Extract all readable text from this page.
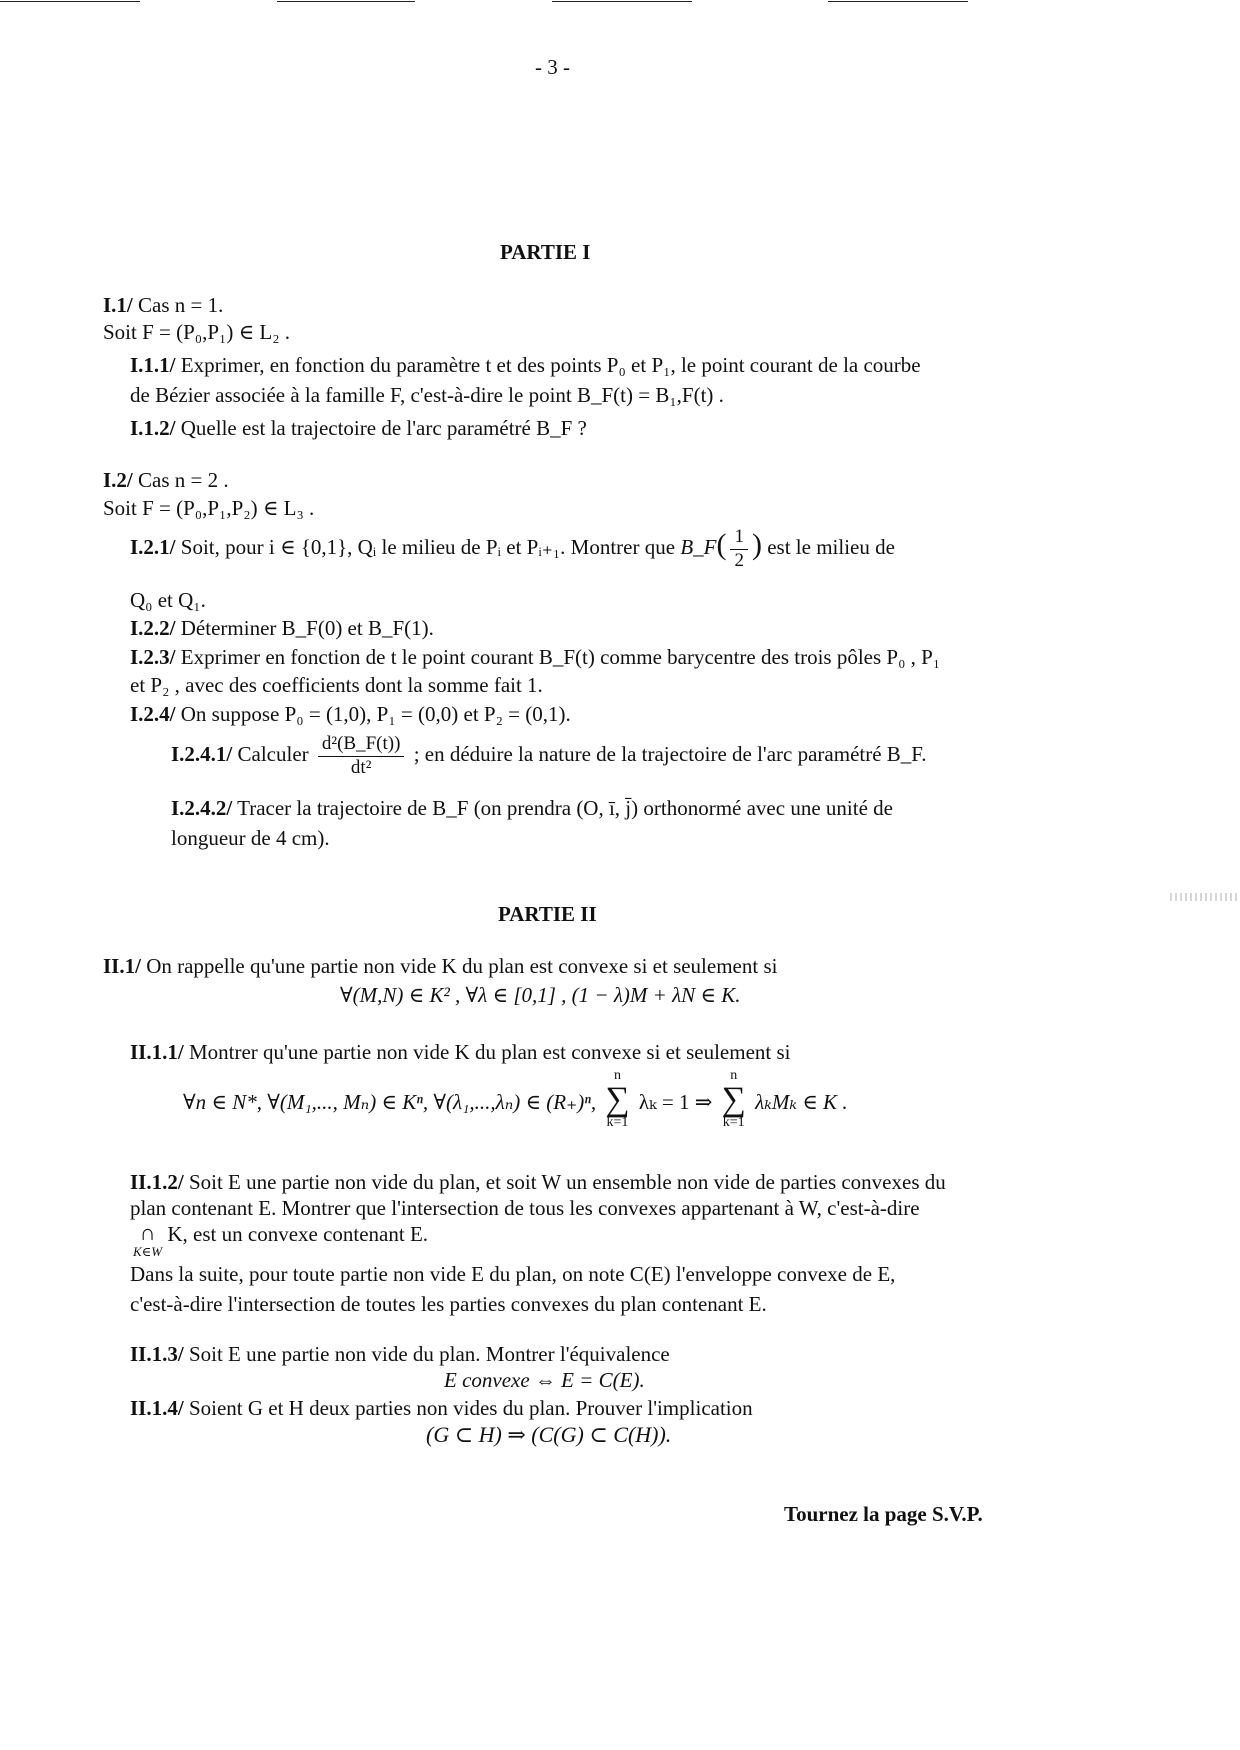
- 3 -
PARTIE I
I.1/ Cas n = 1.
Soit F = (P₀,P₁) ∈ L₂ .
I.1.1/ Exprimer, en fonction du paramètre t et des points P₀ et P₁, le point courant de la courbe
de Bézier associée à la famille F, c'est-à-dire le point B_F(t) = B₁,F(t) .
I.1.2/ Quelle est la trajectoire de l'arc paramétré B_F ?
I.2/ Cas n = 2 .
Soit F = (P₀,P₁,P₂) ∈ L₃ .
I.2.1/ Soit, pour i ∈ {0,1}, Qᵢ le milieu de Pᵢ et Pᵢ₊₁. Montrer que B_F( $\frac{1}{2}$ ) est le milieu de
Q₀ et Q₁.
I.2.2/ Déterminer B_F(0) et B_F(1).
I.2.3/ Exprimer en fonction de t le point courant B_F(t) comme barycentre des trois pôles P₀ , P₁
et P₂ , avec des coefficients dont la somme fait 1.
I.2.4/ On suppose P₀ = (1,0), P₁ = (0,0) et P₂ = (0,1).
I.2.4.1/ Calculer $\frac{\text{d²(B\_F(t))}}{\text{dt²}}$ ; en déduire la nature de la trajectoire de l'arc paramétré B_F.
I.2.4.2/ Tracer la trajectoire de B_F (on prendra (O, ī, j̄) orthonormé avec une unité de
longueur de 4 cm).
PARTIE II
II.1/ On rappelle qu'une partie non vide K du plan est convexe si et seulement si
∀(M,N) ∈ K² , ∀λ ∈ [0,1] , (1 − λ)M + λN ∈ K.
II.1.1/ Montrer qu'une partie non vide K du plan est convexe si et seulement si
∀n ∈ N*, ∀(M₁,..., Mₙ) ∈ Kⁿ, ∀(λ₁,...,λₙ) ∈ (R₊)ⁿ,
n
∑
k=1
λₖ = 1 ⇒
n
∑
k=1
λₖMₖ ∈ K .
II.1.2/ Soit E une partie non vide du plan, et soit W un ensemble non vide de parties convexes du
plan contenant E. Montrer que l'intersection de tous les convexes appartenant à W, c'est-à-dire
∩
K∈W
K, est un convexe contenant E.
Dans la suite, pour toute partie non vide E du plan, on note C(E) l'enveloppe convexe de E,
c'est-à-dire l'intersection de toutes les parties convexes du plan contenant E.
II.1.3/ Soit E une partie non vide du plan. Montrer l'équivalence
E convexe ⇔ E = C(E).
II.1.4/ Soient G et H deux parties non vides du plan. Prouver l'implication
(G ⊂ H) ⇒ (C(G) ⊂ C(H)).
Tournez la page S.V.P.
